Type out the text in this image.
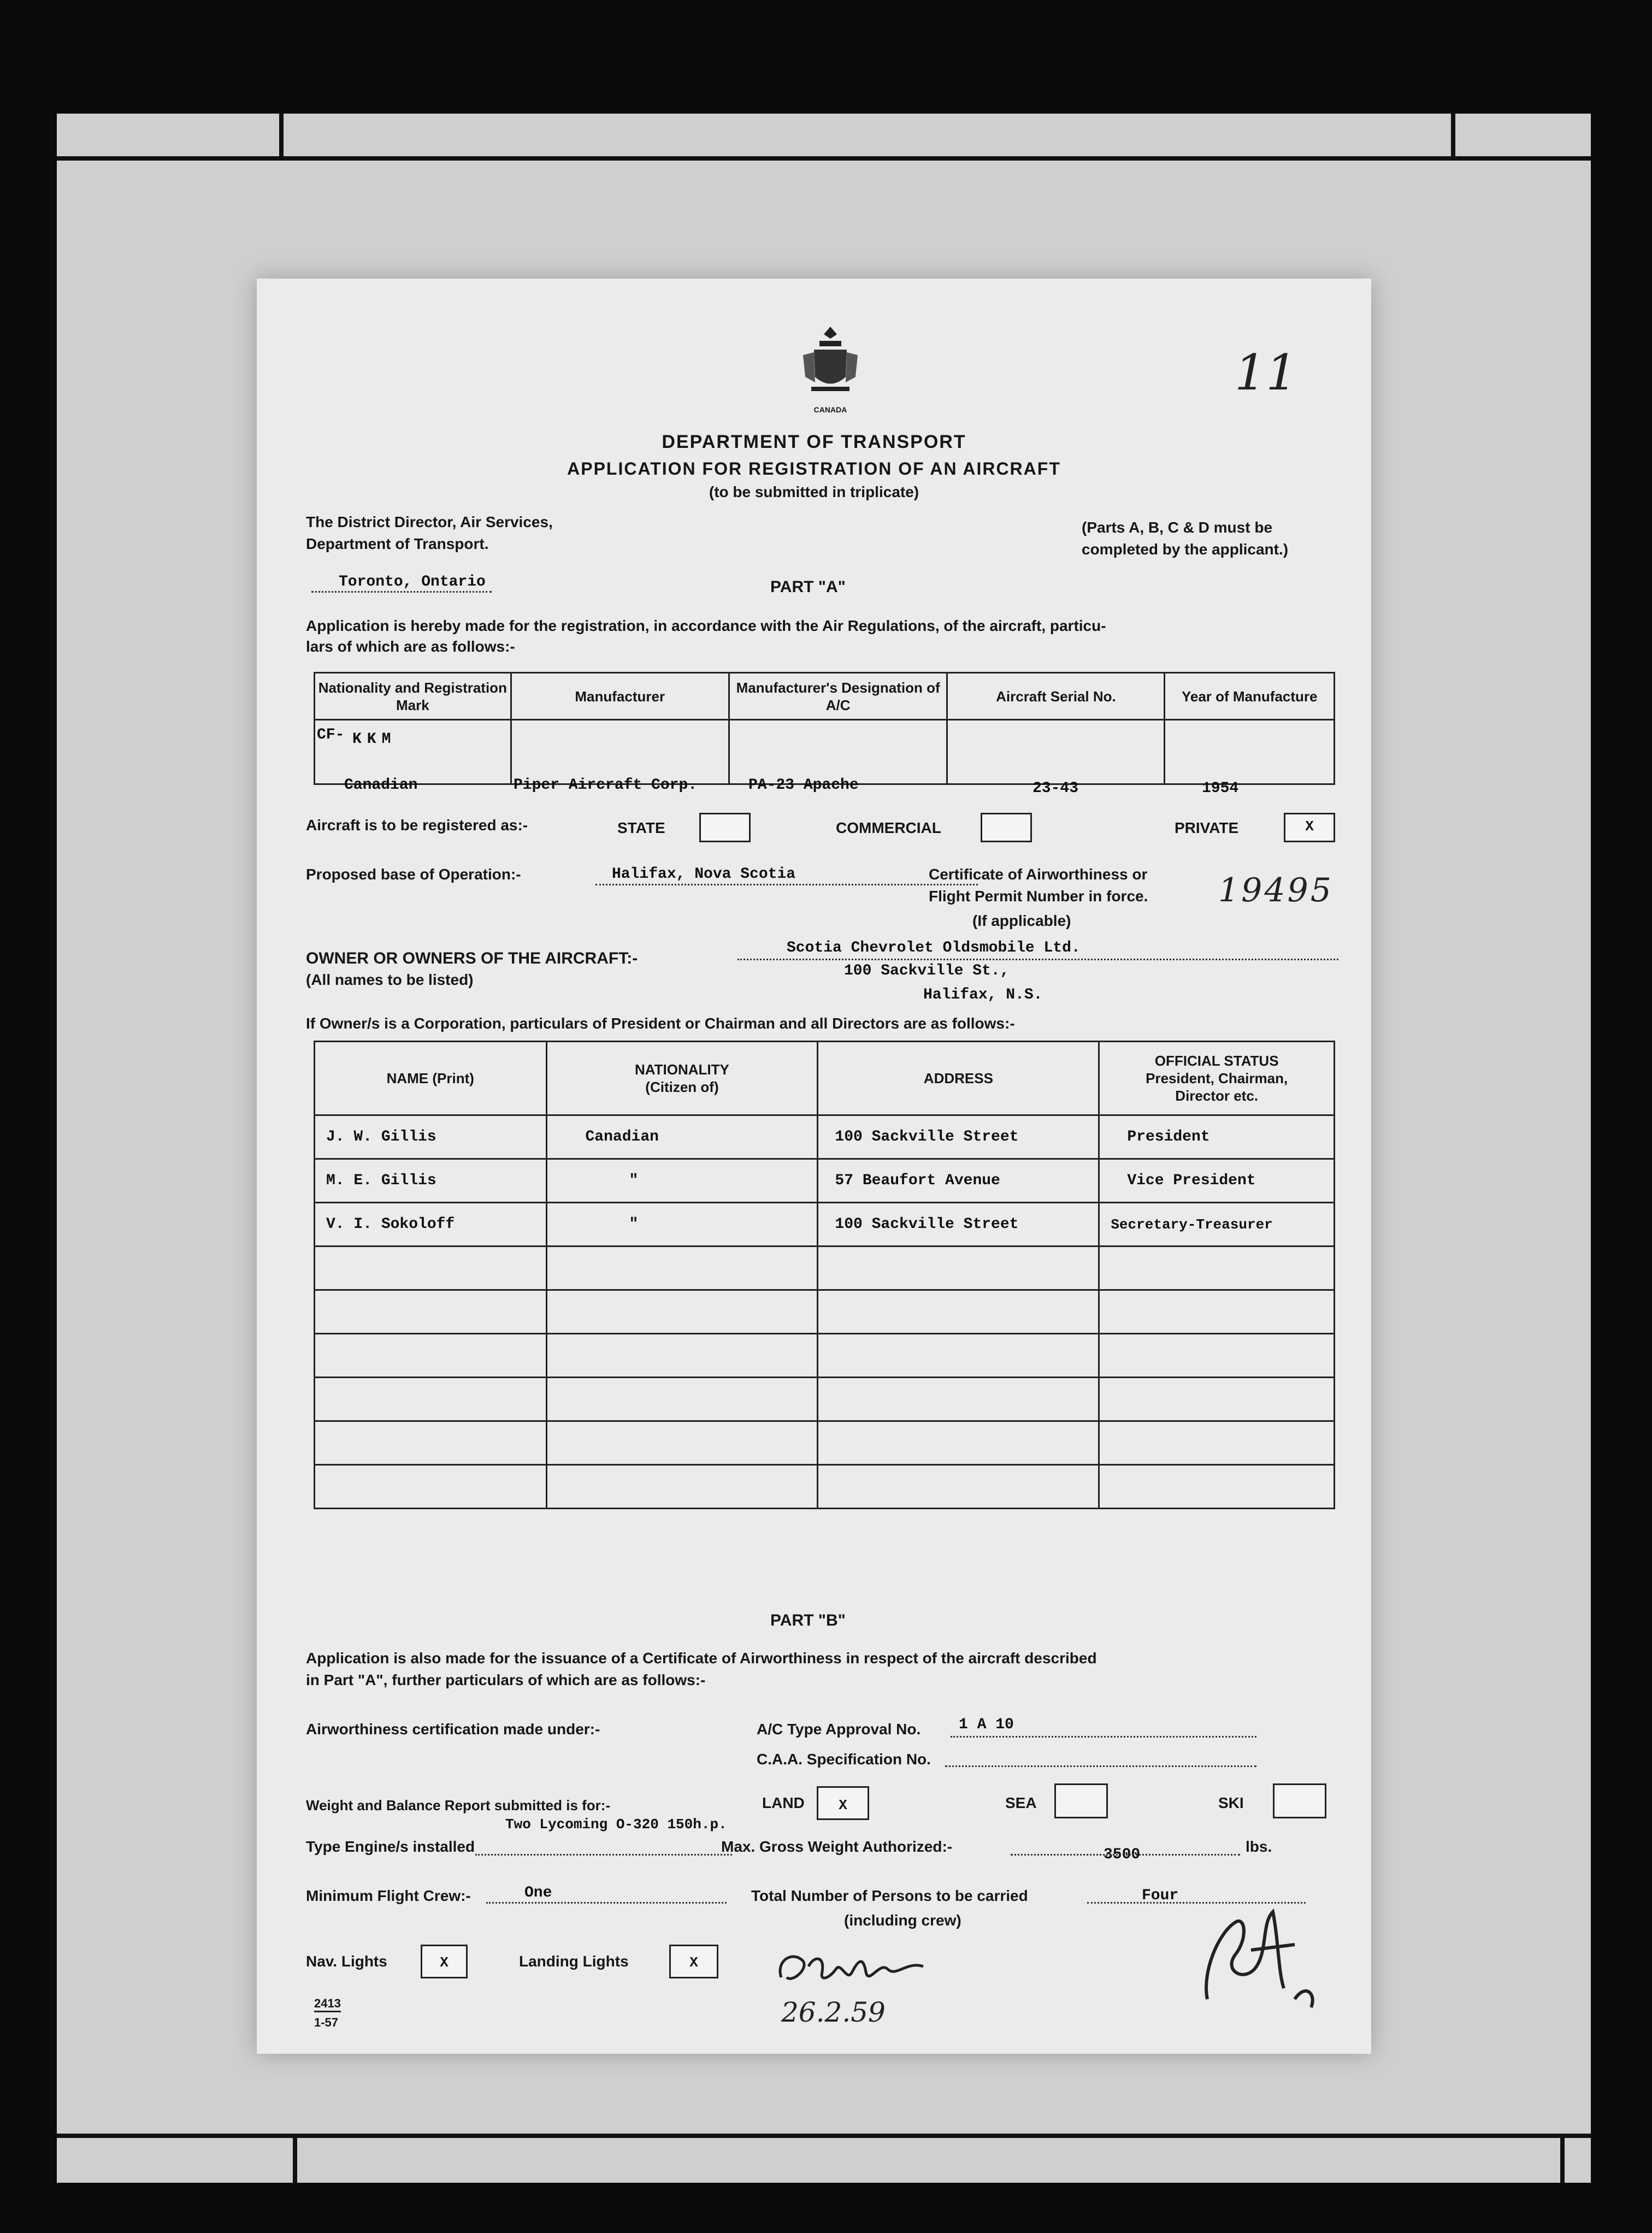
CANADA
11
DEPARTMENT OF TRANSPORT
APPLICATION FOR REGISTRATION OF AN AIRCRAFT
(to be submitted in triplicate)
The District Director, Air Services,
Department of Transport.
(Parts A, B, C & D must be
completed by the applicant.)
Toronto, Ontario	PART "A"
Application is hereby made for the registration, in accordance with the Air Regulations, of the aircraft, particu-
lars of which are as follows:-
Nationality and Registration Mark	Manufacturer	Manufacturer's Designation of A/C	Aircraft Serial No.	Year of Manufacture

CF- KKM
Canadian	Piper Aircraft Corp.	PA-23 Apache	23-43	1954
Aircraft is to be registered as:-	STATE	COMMERCIAL	PRIVATE	X
Proposed base of Operation:-	Halifax, Nova Scotia	Certificate of Airworthiness or
Flight Permit Number in force. 19495
(If applicable)
OWNER OR OWNERS OF THE AIRCRAFT:-
(All names to be listed)
Scotia Chevrolet Oldsmobile Ltd.
100 Sackville St.,
Halifax, N.S.
If Owner/s is a Corporation, particulars of President or Chairman and all Directors are as follows:-
NAME (Print)	NATIONALITY
(Citizen of)	ADDRESS	OFFICIAL STATUS
President, Chairman,
Director etc.

J. W. Gillis	Canadian	100 Sackville Street	President

M. E. Gillis	"	57 Beaufort Avenue	Vice President

V. I. Sokoloff	"	100 Sackville Street	Secretary-Treasurer

PART "B"
Application is also made for the issuance of a Certificate of Airworthiness in respect of the aircraft described
in Part "A", further particulars of which are as follows:-
Airworthiness certification made under:-	A/C Type Approval No. 1 A 10
C.A.A. Specification No.
Weight and Balance Report submitted is for:-	LAND	X	SEA	SKI
Two Lycoming O-320 150h.p.
Type Engine/s installed	Max. Gross Weight Authorized:-	3500	lbs.
Minimum Flight Crew:-	One	Total Number of Persons to be carried	Four
(including crew)
Nav. Lights	X	Landing Lights	X
26.2.59
2413
1-57
